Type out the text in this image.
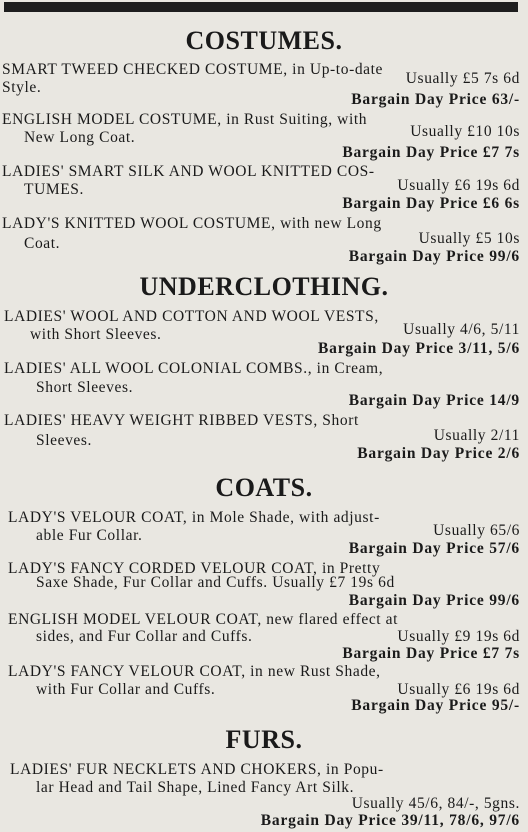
COSTUMES.
SMART TWEED CHECKED COSTUME, in Up-to-date
Style.
Usually £5 7s 6d
Bargain Day Price 63/-
ENGLISH MODEL COSTUME, in Rust Suiting, with
New Long Coat.	Usually £10 10s
Bargain Day Price £7 7s
LADIES' SMART SILK AND WOOL KNITTED COS-
TUMES.	Usually £6 19s 6d
Bargain Day Price £6 6s
LADY'S KNITTED WOOL COSTUME, with new Long
Coat.	Usually £5 10s
Bargain Day Price 99/6
UNDERCLOTHING.
LADIES' WOOL AND COTTON AND WOOL VESTS,
with Short Sleeves.	Usually 4/6, 5/11
Bargain Day Price 3/11, 5/6
LADIES' ALL WOOL COLONIAL COMBS., in Cream,
Short Sleeves.
Bargain Day Price 14/9
LADIES' HEAVY WEIGHT RIBBED VESTS, Short
Sleeves.	Usually 2/11
Bargain Day Price 2/6
COATS.
LADY'S VELOUR COAT, in Mole Shade, with adjust-
able Fur Collar.	Usually 65/6
Bargain Day Price 57/6
LADY'S FANCY CORDED VELOUR COAT, in Pretty
Saxe Shade, Fur Collar and Cuffs. Usually £7 19s 6d
Bargain Day Price 99/6
ENGLISH MODEL VELOUR COAT, new flared effect at
sides, and Fur Collar and Cuffs.	Usually £9 19s 6d
Bargain Day Price £7 7s
LADY'S FANCY VELOUR COAT, in new Rust Shade,
with Fur Collar and Cuffs.	Usually £6 19s 6d
Bargain Day Price 95/-
FURS.
LADIES' FUR NECKLETS AND CHOKERS, in Popu-
lar Head and Tail Shape, Lined Fancy Art Silk.
Usually 45/6, 84/-, 5gns.
Bargain Day Price 39/11, 78/6, 97/6
